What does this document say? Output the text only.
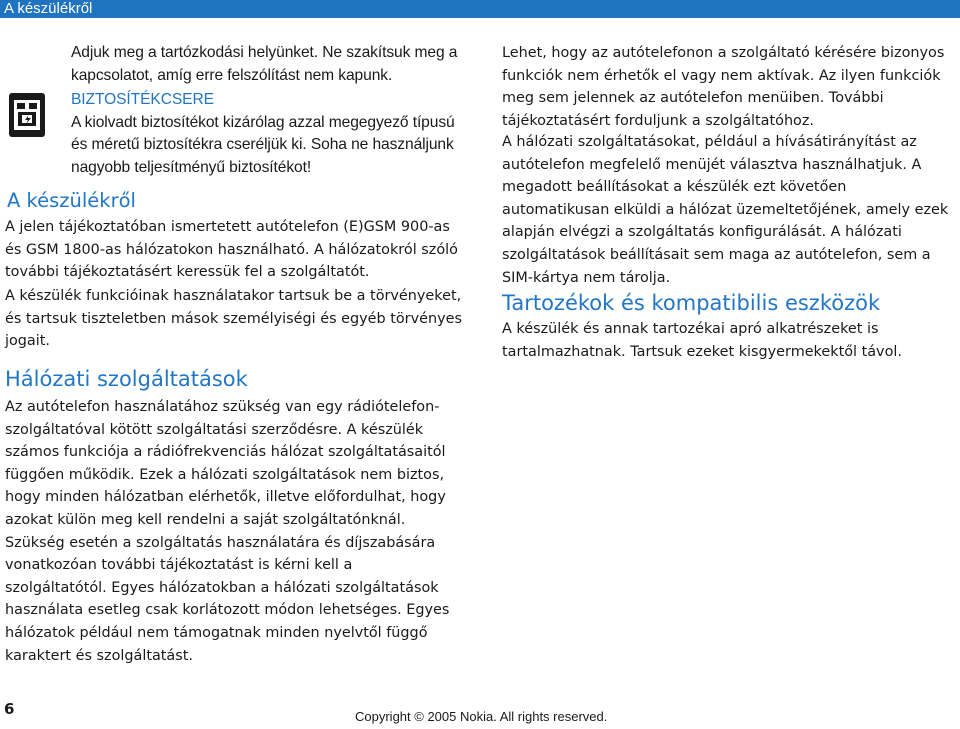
A készülékről

Adjuk meg a tartózkodási helyünket. Ne szakítsuk meg a kapcsolatot, amíg erre felszólítást nem kapunk.

BIZTOSÍTÉKCSERE
A kiolvadt biztosítékot kizárólag azzal megegyező típusú és méretű biztosítékra cseréljük ki. Soha ne használjunk nagyobb teljesítményű biztosítékot!
A készülékről

A jelen tájékoztatóban ismertetett autótelefon (E)GSM 900-as és GSM 1800-as hálózatokon használható. A hálózatokról szóló további tájékoztatásért keressük fel a szolgáltatót.

A készülék funkcióinak használatakor tartsuk be a törvényeket, és tartsuk tiszteletben mások személyiségi és egyéb törvényes jogait.

Hálózati szolgáltatások

Az autótelefon használatához szükség van egy rádiótelefon-szolgáltatóval kötött szolgáltatási szerződésre. A készülék számos funkciója a rádiófrekvenciás hálózat szolgáltatásaitól függően működik. Ezek a hálózati szolgáltatások nem biztos, hogy minden hálózatban elérhetők, illetve előfordulhat, hogy azokat külön meg kell rendelni a saját szolgáltatónknál. Szükség esetén a szolgáltatás használatára és díjszabására vonatkozóan további tájékoztatást is kérni kell a szolgáltatótól. Egyes hálózatokban a hálózati szolgáltatások használata esetleg csak korlátozott módon lehetséges. Egyes hálózatok például nem támogatnak minden nyelvtől függő karaktert és szolgáltatást.

Lehet, hogy az autótelefonon a szolgáltató kérésére bizonyos funkciók nem érhetők el vagy nem aktívak. Az ilyen funkciók meg sem jelennek az autótelefon menüiben. További tájékoztatásért forduljunk a szolgáltatóhoz.

A hálózati szolgáltatásokat, például a hívásátirányítást az autótelefon megfelelő menüjét választva használhatjuk. A megadott beállításokat a készülék ezt követően automatikusan elküldi a hálózat üzemeltetőjének, amely ezek alapján elvégzi a szolgáltatás konfigurálását. A hálózati szolgáltatások beállításait sem maga az autótelefon, sem a SIM-kártya nem tárolja.

Tartozékok és kompatibilis eszközök

A készülék és annak tartozékai apró alkatrészeket is tartalmazhatnak. Tartsuk ezeket kisgyermekektől távol.

6	Copyright © 2005 Nokia. All rights reserved.
